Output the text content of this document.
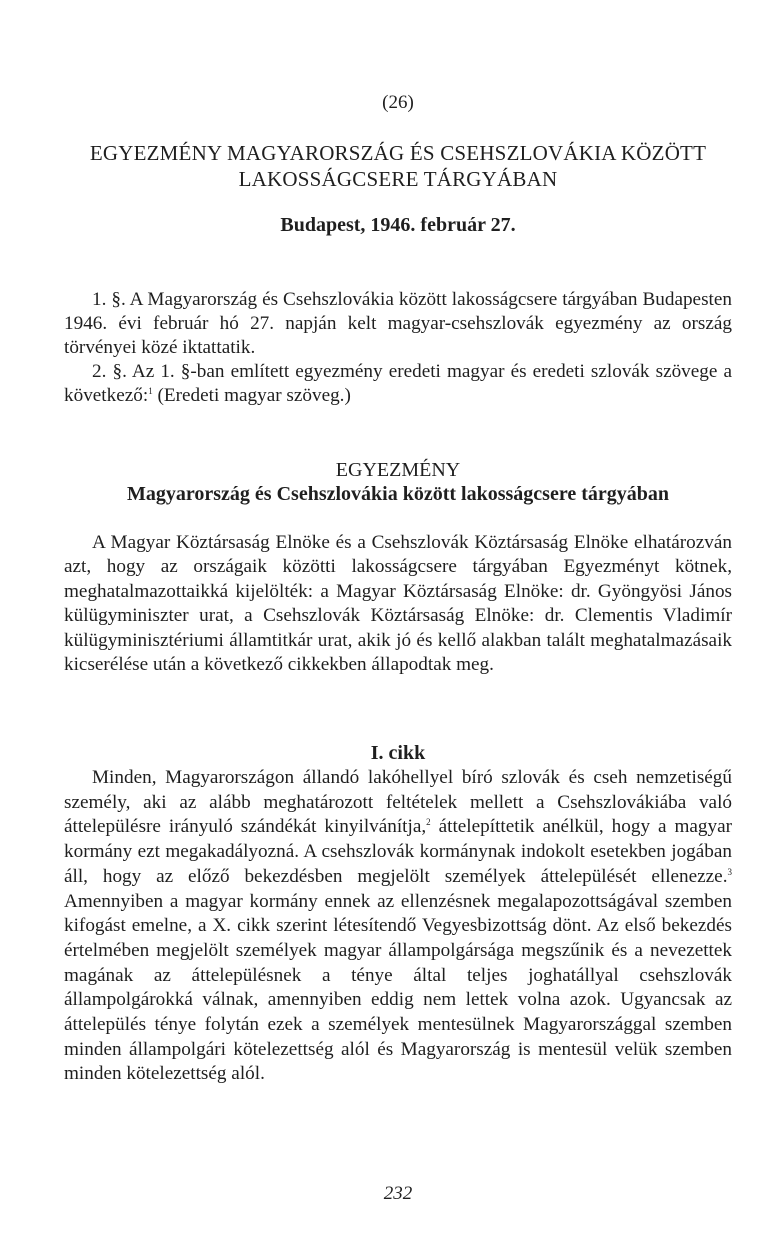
(26)
EGYEZMÉNY MAGYARORSZÁG ÉS CSEHSZLOVÁKIA KÖZÖTT
LAKOSSÁGCSERE TÁRGYÁBAN
Budapest, 1946. február 27.

1. §. A Magyarország és Csehszlovákia között lakosságcsere tárgyában Budapesten 1946. évi február hó 27. napján kelt magyar-csehszlovák egyezmény az ország törvényei közé iktattatik.

2. §. Az 1. §-ban említett egyezmény eredeti magyar és eredeti szlovák szövege a következő:$^1$ (Eredeti magyar szöveg.)

EGYEZMÉNY
Magyarország és Csehszlovákia között lakosságcsere tárgyában

A Magyar Köztársaság Elnöke és a Csehszlovák Köztársaság Elnöke elhatározván azt, hogy az országaik közötti lakosságcsere tárgyában Egyezményt kötnek, meghatalmazottaikká kijelölték: a Magyar Köztársaság Elnöke: dr. Gyöngyösi János külügyminiszter urat, a Csehszlovák Köztársaság Elnöke: dr. Clementis Vladimír külügyminisztériumi államtitkár urat, akik jó és kellő alakban talált meghatalmazásaik kicserélése után a következő cikkekben állapodtak meg.

I. cikk

Minden, Magyarországon állandó lakóhellyel bíró szlovák és cseh nemzetiségű személy, aki az alább meghatározott feltételek mellett a Csehszlovákiába való áttelepülésre irányuló szándékát kinyilvánítja,$^2$ áttelepíttetik anélkül, hogy a magyar kormány ezt megakadályozná. A csehszlovák kormánynak indokolt esetekben jogában áll, hogy az előző bekezdésben megjelölt személyek áttelepülését ellenezze.$^3$ Amennyiben a magyar kormány ennek az ellenzésnek megalapozottságával szemben kifogást emelne, a X. cikk szerint létesítendő Vegyesbizottság dönt. Az első bekezdés értelmében megjelölt személyek magyar állampolgársága megszűnik és a nevezettek magának az áttelepülésnek a ténye által teljes joghatállyal csehszlovák állampolgárokká válnak, amennyiben eddig nem lettek volna azok. Ugyancsak az áttelepülés ténye folytán ezek a személyek mentesülnek Magyarországgal szemben minden állampolgári kötelezettség alól és Magyarország is mentesül velük szemben minden kötelezettség alól.

232
